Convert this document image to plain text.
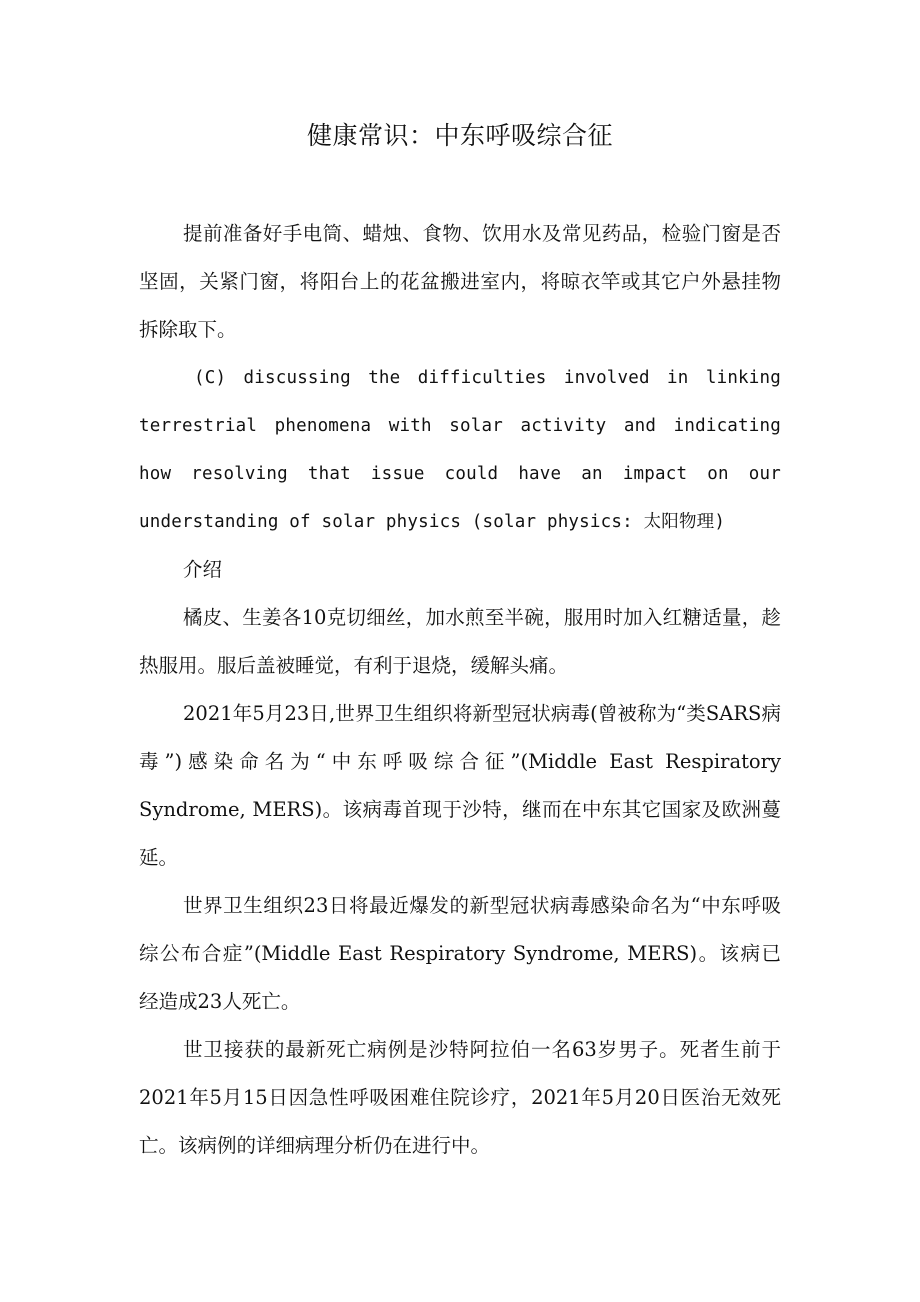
健康常识：中东呼吸综合征

提前准备好手电筒、蜡烛、食物、饮用水及常见药品，检验门窗是否坚固，关紧门窗，将阳台上的花盆搬进室内，将晾衣竿或其它户外悬挂物拆除取下。

(C) discussing the difficulties involved in linking terrestrial phenomena with solar activity and indicating how resolving that issue could have an impact on our understanding of solar physics (solar physics: 太阳物理)

介绍

橘皮、生姜各10克切细丝，加水煎至半碗，服用时加入红糖适量，趁热服用。服后盖被睡觉，有利于退烧，缓解头痛。

2021年5月23日,世界卫生组织将新型冠状病毒(曾被称为“类SARS病毒”)感染命名为“中东呼吸综合征”(Middle East Respiratory Syndrome, MERS)。该病毒首现于沙特，继而在中东其它国家及欧洲蔓延。

世界卫生组织23日将最近爆发的新型冠状病毒感染命名为“中东呼吸综公布合症”(Middle East Respiratory Syndrome, MERS)。该病已经造成23人死亡。

世卫接获的最新死亡病例是沙特阿拉伯一名63岁男子。死者生前于2021年5月15日因急性呼吸困难住院诊疗，2021年5月20日医治无效死亡。该病例的详细病理分析仍在进行中。
